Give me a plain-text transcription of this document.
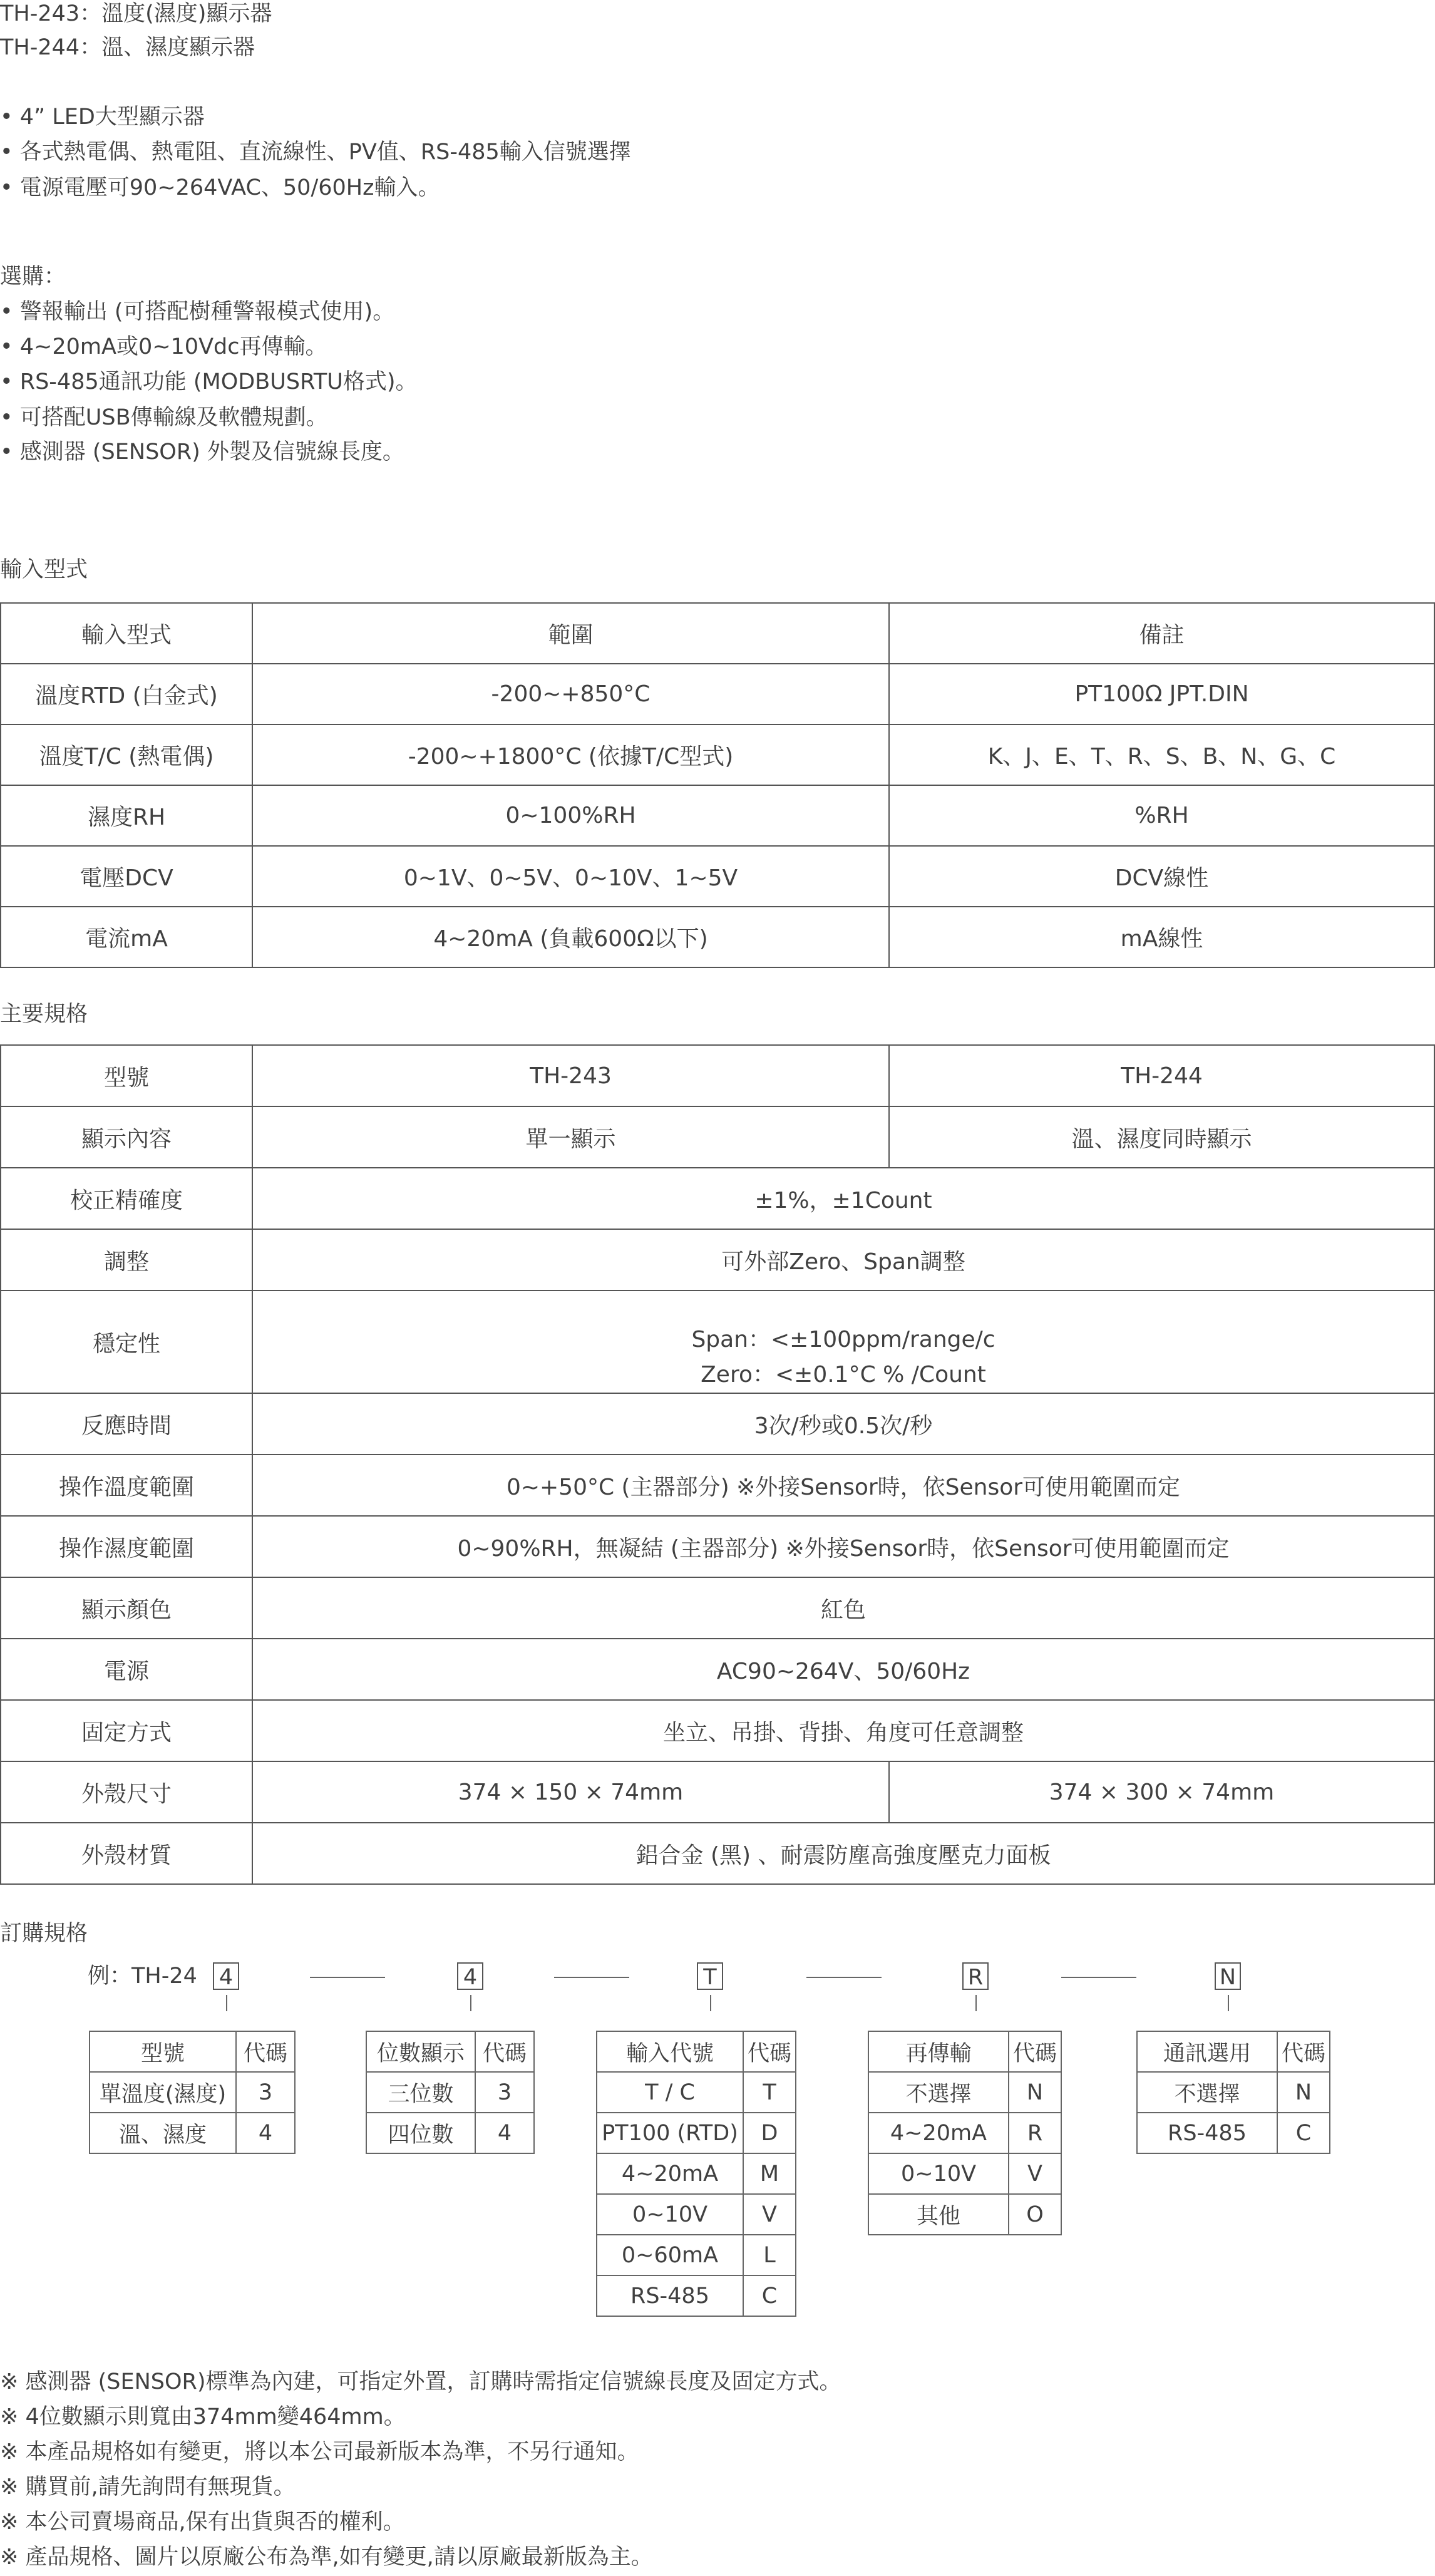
TH-243：溫度(濕度)顯示器
TH-244：溫、濕度顯示器
• 4” LED大型顯示器
• 各式熱電偶、熱電阻、直流線性、PV值、RS-485輸入信號選擇
• 電源電壓可90~264VAC、50/60Hz輸入。
選購：
• 警報輸出 (可搭配樹種警報模式使用)。
• 4~20mA或0~10Vdc再傳輸。
• RS-485通訊功能 (MODBUSRTU格式)。
• 可搭配USB傳輸線及軟體規劃。
• 感測器 (SENSOR) 外製及信號線長度。
輸入型式
輸入型式	範圍	備註
溫度RTD (白金式)	-200~+850°C	PT100Ω JPT.DIN
溫度T/C (熱電偶)	-200~+1800°C (依據T/C型式)	K、J、E、T、R、S、B、N、G、C
濕度RH	0~100%RH	%RH
電壓DCV	0~1V、0~5V、0~10V、1~5V	DCV線性
電流mA	4~20mA (負載600Ω以下)	mA線性
主要規格
型號	TH-243	TH-244
顯示內容	單一顯示	溫、濕度同時顯示
校正精確度	±1%，±1Count	
調整	可外部Zero、Span調整	
穩定性	Span：<±100ppm/range/c
Zero：<±0.1°C % /Count	

反應時間	3次/秒或0.5次/秒	
操作溫度範圍	0~+50°C (主器部分) ※外接Sensor時，依Sensor可使用範圍而定	
操作濕度範圍	0~90%RH，無凝結 (主器部分) ※外接Sensor時，依Sensor可使用範圍而定	
顯示顏色	紅色	
電源	AC90~264V、50/60Hz	
固定方式	坐立、吊掛、背掛、角度可任意調整	
外殼尺寸	374 × 150 × 74mm	374 × 300 × 74mm
外殼材質	鋁合金 (黑) 、耐震防塵高強度壓克力面板	
訂購規格
例：TH-24 4	4	T	R	N
型號	代碼
單溫度(濕度)	3
溫、濕度	4
位數顯示	代碼
三位數	3
四位數	4
輸入代號	代碼
T / C	T
PT100 (RTD)	D
4~20mA	M
0~10V	V
0~60mA	L
RS-485	C
再傳輸	代碼
不選擇	N
4~20mA	R
0~10V	V
其他	O
通訊選用	代碼
不選擇	N
RS-485	C
※ 感測器 (SENSOR)標準為內建，可指定外置，訂購時需指定信號線長度及固定方式。
※ 4位數顯示則寬由374mm變464mm。
※ 本產品規格如有變更，將以本公司最新版本為準，不另行通知。
※ 購買前,請先詢問有無現貨。
※ 本公司賣場商品,保有出貨與否的權利。
※ 產品規格、圖片以原廠公布為準,如有變更,請以原廠最新版為主。
